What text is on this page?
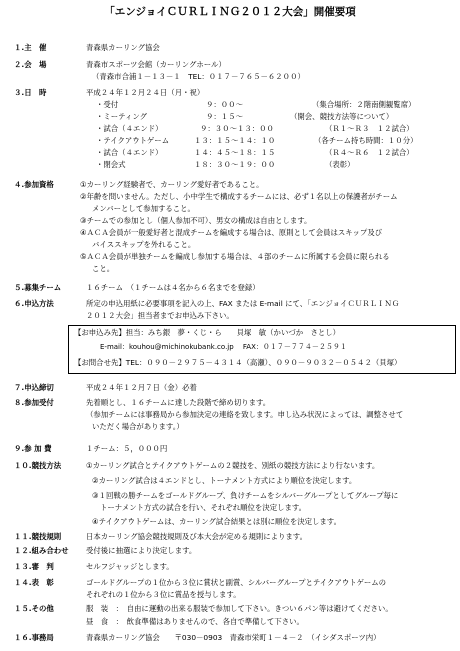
「エンジョイＣＵＲＬＩＮＧ２０１２大会」開催要項
１.主　催	青森県カーリング協会
２.会　場	青森市スポーツ会館（カーリングホール）
（青森市合浦１－１３－１　TEL：０１７－７６５－６２００）
３.日　時	平成２４年１２月２４日（月・祝）
・受付	９：００～	（集合場所：２階南側観覧席）
・ミーティング	９：１５～	（開会、競技方法等について）
・試合（４エンド）	９：３０～１３：００	（Ｒ１～Ｒ３　１２試合）
・テイクアウトゲーム	１３：１５～１４：１０	（各チーム持ち時間：１０分）
・試合（４エンド）	１４：４５～１８：１５	（Ｒ４～Ｒ６　１２試合）
・閉会式	１８：３０～１９：００	（表彰）
４.参加資格	①カーリング経験者で、カーリング愛好者であること。
②年齢を問いません。ただし、小中学生で構成するチームには、必ず１名以上の保護者がチーム
メンバーとして参加すること。
③チームでの参加とし（個人参加不可）、男女の構成は自由とします。
④ＡＣＡ会員が一般愛好者と混成チームを編成する場合は、原則として会員はスキップ及び
バイススキップを外れること。
⑤ＡＣＡ会員が単独チームを編成し参加する場合は、４部のチームに所属する会員に限られる
こと。
５.募集チーム	１６チーム　（１チームは４名から６名までを登録）
６.申込方法	所定の申込用紙に必要事項を記入の上、FAX または E-mail にて、「エンジョイＣＵＲＬＩＮＧ
２０１２大会」担当者までお申込み下さい。
【お申込み先】担当：みち銀　夢・くじ・ら　　貝塚　敏（かいづか　さとし）
E-mail：kouhou@michinokubank.co.jp　 FAX：０１７－７７４－２５９１
【お問合せ先】TEL：０９０－２９７５－４３１４（高瀬）、０９０－９０３２－０５４２（貝塚）
７.申込締切	平成２４年１２月７日（金）必着
８.参加受付	先着順とし、１６チームに達した段階で締め切ります。
（参加チームには事務局から参加決定の連絡を致します。申し込み状況によっては、調整させて
いただく場合があります。）
９.参 加 費	１チーム：５，０００円
１０.競技方法	①カーリング試合とテイクアウトゲームの２競技を、別紙の競技方法により行ないます。
②カーリング試合は４エンドとし、トーナメント方式により順位を決定します。
③１回戦の勝チームをゴールドグループ、負けチームをシルバーグループとしてグループ毎に
トーナメント方式の試合を行い、それぞれ順位を決定します。
④テイクアウトゲームは、カーリング試合結果とは別に順位を決定します。
１１.競技規則	日本カーリング協会競技規則及び本大会が定める規則によります。
１２.組み合わせ 受付後に抽選により決定します。
１３.審　判	セルフジャッジとします。
１４.表　彰	ゴールドグループの１位から３位に賞状と副賞、シルバーグループとテイクアウトゲームの
それぞれの１位から３位に賞品を授与します。
１５.その他	服　装　：　自由に運動の出来る服装で参加して下さい。きつい６パン等は避けてください。
昼　食　：　飲食準備はありませんので、各自で準備して下さい。
１６.事務局	青森県カーリング協会　　〒030－0903　青森市栄町１－４－２　（イシダスポーツ内）
